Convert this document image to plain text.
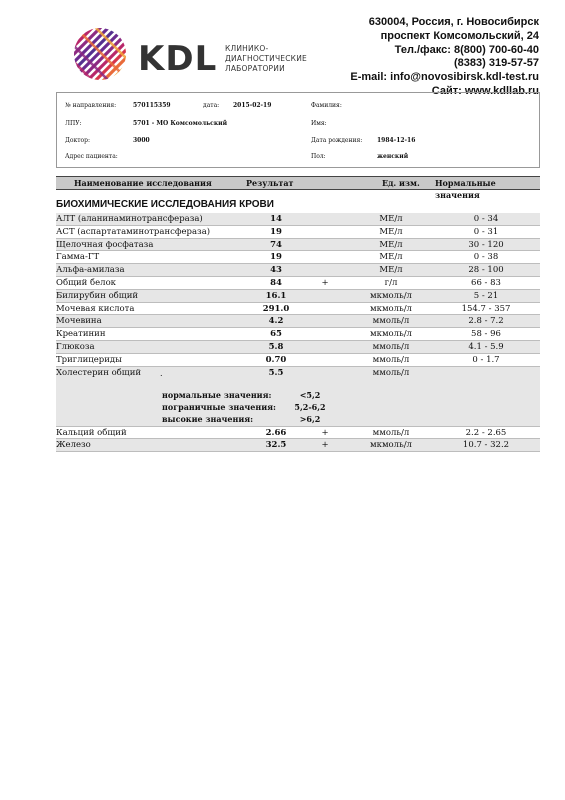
KDL КЛИНИКО-
ДИАГНОСТИЧЕСКИЕ
ЛАБОРАТОРИИ
630004, Россия, г. Новосибирск
проспект Комсомольский, 24
Тел./факс: 8(800) 700-60-40
(8383) 319-57-57
E-mail: info@novosibirsk.kdl-test.ru
Сайт: www.kdllab.ru
№ направления:	570115359	дата: 2015-02-19	Фамилия:
ЛПУ:	5701 - МО Комсомольский	Имя:
Доктор:	3000	Дата рождения: 1984-12-16
Адрес пациента:	Пол:	женский
Наименование исследования	Результат	Ед. изм. Нормальные значения
БИОХИМИЧЕСКИЕ ИССЛЕДОВАНИЯ КРОВИ
АЛТ (аланинаминотрансфераза)	14	МЕ/л	0 - 34
АСТ (аспартатаминотрансфераза)	19	МЕ/л	0 - 31
Щелочная фосфатаза	74	МЕ/л	30 - 120
Гамма-ГТ	19	МЕ/л	0 - 38
Альфа-амилаза	43	МЕ/л	28 - 100
Общий белок	84	+	г/л	66 - 83
Билирубин общий	16.1	мкмоль/л	5 - 21
Мочевая кислота	291.0	мкмоль/л	154.7 - 357
Мочевина	4.2	ммоль/л	2.8 - 7.2
Креатинин	65	мкмоль/л	58 - 96
Глюкоза	5.8	ммоль/л	4.1 - 5.9
Триглицериды	0.70	ммоль/л	0 - 1.7
Холестерин общий	5.5	ммоль/л
.
нормальные значения:	<5,2
пограничные значения:	5,2-6,2
высокие значения:	>6,2
Кальций общий	2.66	+	ммоль/л	2.2 - 2.65
Железо	32.5	+	мкмоль/л	10.7 - 32.2
